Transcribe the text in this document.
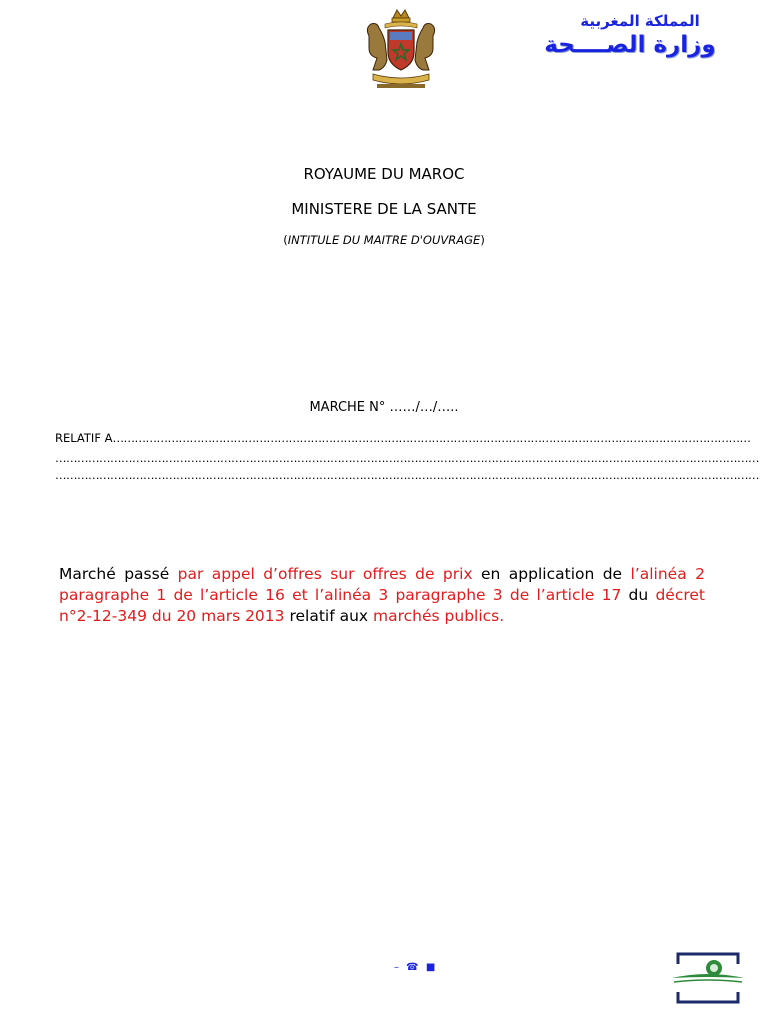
المملكة المغربية
وزارة الصــــحة
ROYAUME DU MAROC
MINISTERE DE LA SANTE
(INTITULE DU MAITRE D'OUVRAGE)
MARCHE N° ……/…/…..
RELATIF A…………………………………………………………………………………………………………………………………………………………
…………………………………………………………………………………………………………………………………………………………………………
…………………………………………………………………………………………………………………………………………………………………………
Marché passé par appel d’offres sur offres de prix en application de l’alinéa 2 paragraphe 1 de l’article 16 et l’alinéa 3 paragraphe 3 de l’article 17 du décret n°2-12-349 du 20 mars 2013 relatif aux marchés publics.
– ☎ ■
